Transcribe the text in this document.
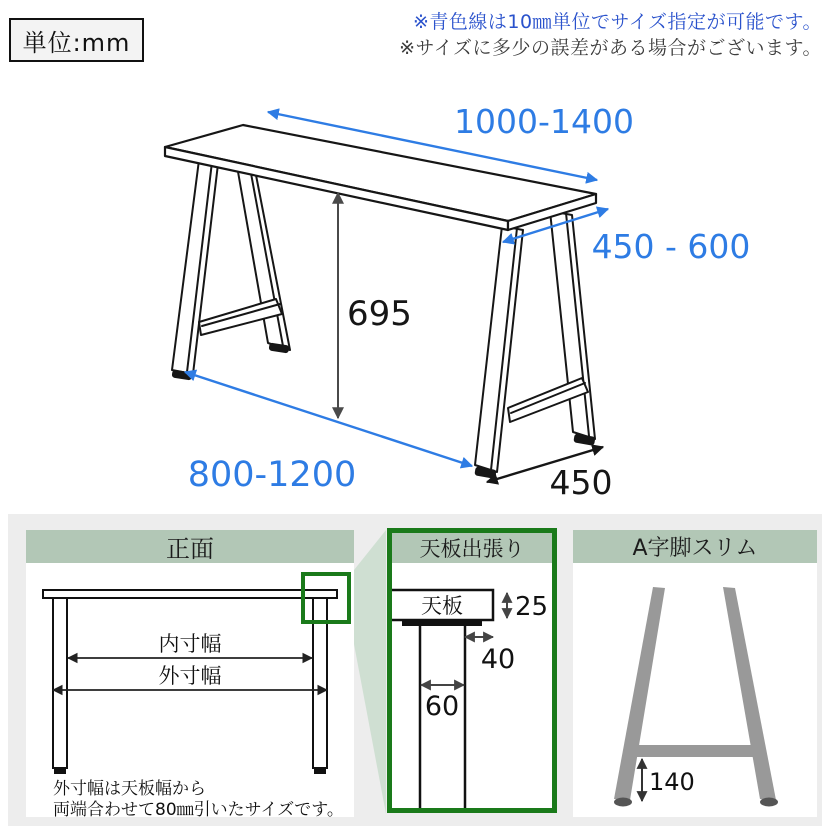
単位:mm
※青色線は10㎜単位でサイズ指定が可能です。
※サイズに多少の誤差がある場合がございます。
1000-1400
450 - 600
695
800-1200	450
正面
内寸幅
外寸幅
外寸幅は天板幅から
両端合わせて80㎜引いたサイズです。
天板出張り
天板 25
40
60
A字脚スリム
140
